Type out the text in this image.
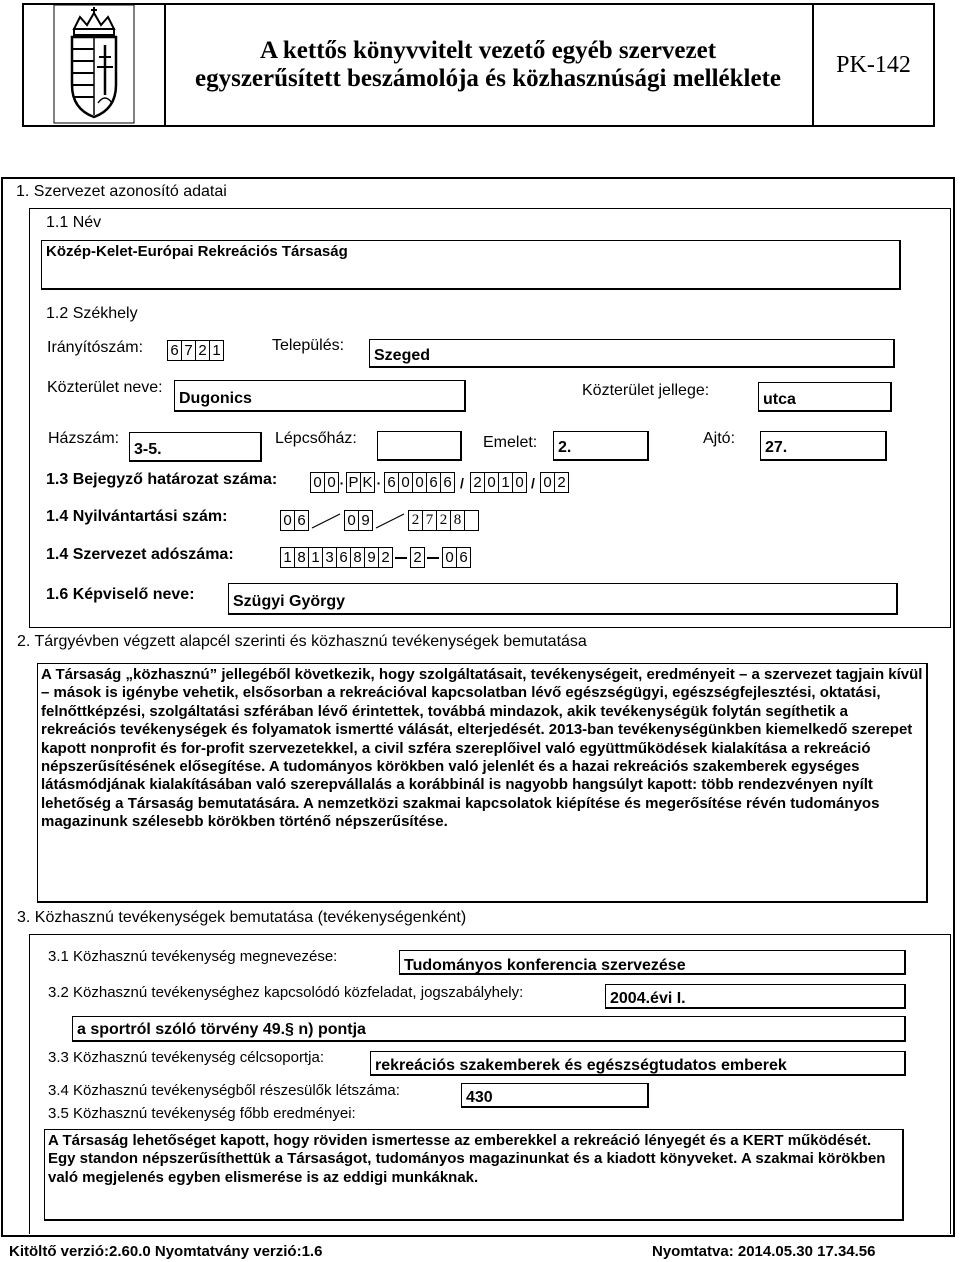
A kettős könyvvitelt vezető egyéb szervezet
egyszerűsített beszámolója és közhasznúsági melléklete
PK-142
1. Szervezet azonosító adatai
1.1 Név
Közép-Kelet-Európai Rekreációs Társaság
1.2 Székhely
Irányítószám: 6 7 2 1	Település:
Szeged
Közterület neve:
Dugonics	Közterület jellege:
utca
Házszám:
3-5.
Lépcsőház:	Emelet:	2.
Ajtó:
27.
1.3 Bejegyző határozat száma: 0 0 · P K · 6 0 0 6 6 / 2 0 1 0 / 0 2
1.4 Nyilvántartási szám:	0 6	0 9	2 7 2 8
1.4 Szervezet adószáma:	1 8 1 3 6 8 9 2 2 0 6
1.6 Képviselő neve:	Szügyi György
2. Tárgyévben végzett alapcél szerinti és közhasznú tevékenységek bemutatása
A Társaság „közhasznú” jellegéből következik, hogy szolgáltatásait, tevékenységeit, eredményeit – a szervezet tagjain kívül – mások is igénybe vehetik, elsősorban a rekreációval kapcsolatban lévő egészségügyi, egészségfejlesztési, oktatási, felnőttképzési, szolgáltatási szférában lévő érintettek, továbbá mindazok, akik tevékenységük folytán segíthetik a rekreációs tevékenységek és folyamatok ismertté válását, elterjedését. 2013-ban tevékenységünkben kiemelkedő szerepet kapott nonprofit és for-profit szervezetekkel, a civil szféra szereplőivel való együttműködések kialakítása a rekreáció népszerűsítésének elősegítése. A tudományos körökben való jelenlét és a hazai rekreációs szakemberek egységes látásmódjának kialakításában való szerepvállalás a korábbinál is nagyobb hangsúlyt kapott: több rendezvényen nyílt lehetőség a Társaság bemutatására. A nemzetközi szakmai kapcsolatok kiépítése és megerősítése révén tudományos magazinunk szélesebb körökben történő népszerűsítése.
3. Közhasznú tevékenységek bemutatása (tevékenységenként)
3.1 Közhasznú tevékenység megnevezése:
Tudományos konferencia szervezése
3.2 Közhasznú tevékenységhez kapcsolódó közfeladat, jogszabályhely:	2004.évi I.
a sportról szóló törvény 49.§ n) pontja
3.3 Közhasznú tevékenység célcsoportja:	rekreációs szakemberek és egészségtudatos emberek
3.4 Közhasznú tevékenységből részesülők létszáma:	430
3.5 Közhasznú tevékenység főbb eredményei:
A Társaság lehetőséget kapott, hogy röviden ismertesse az emberekkel a rekreáció lényegét és a KERT működését. Egy standon népszerűsíthettük a Társaságot, tudományos magazinunkat és a kiadott könyveket. A szakmai körökben való megjelenés egyben elismerése is az eddigi munkáknak.
Kitöltő verzió:2.60.0 Nyomtatvány verzió:1.6	Nyomtatva: 2014.05.30 17.34.56
